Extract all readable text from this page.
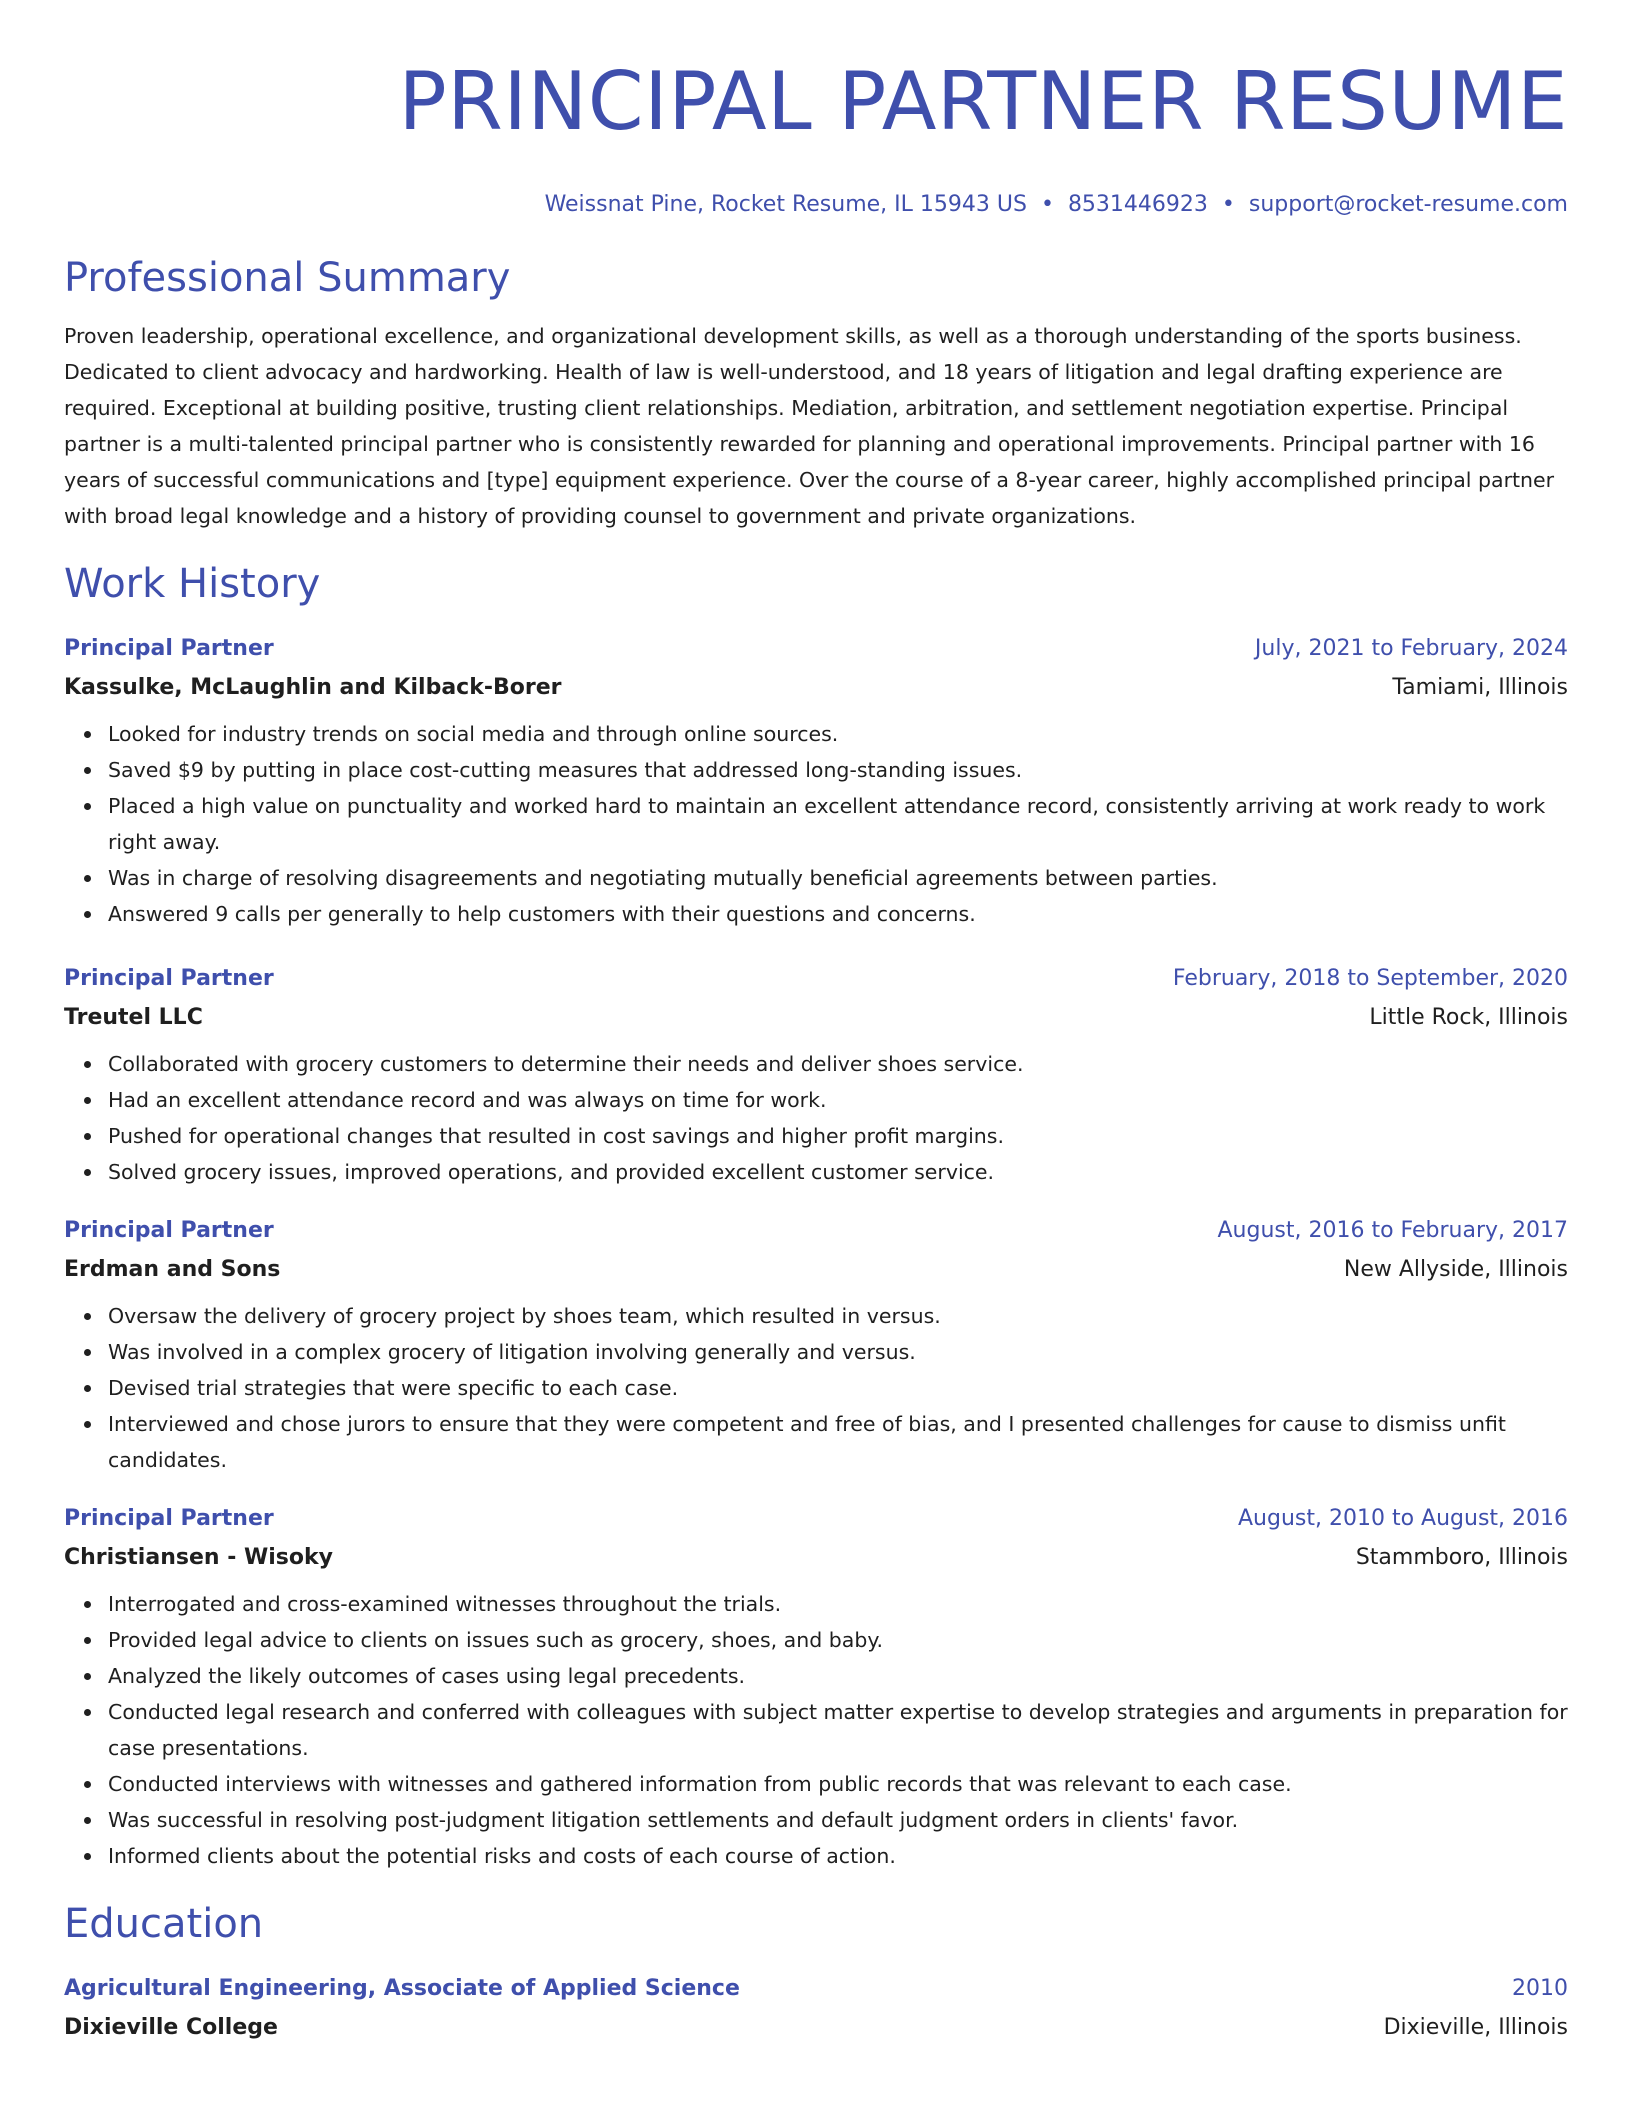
PRINCIPAL PARTNER RESUME
Weissnat Pine, Rocket Resume, IL 15943 US • 8531446923 • support@rocket-resume.com
Professional Summary

Proven leadership, operational excellence, and organizational development skills, as well as a thorough understanding of the sports business. Dedicated to client advocacy and hardworking. Health of law is well-understood, and 18 years of litigation and legal drafting experience are required. Exceptional at building positive, trusting client relationships. Mediation, arbitration, and settlement negotiation expertise. Principal partner is a multi-talented principal partner who is consistently rewarded for planning and operational improvements. Principal partner with 16 years of successful communications and [type] equipment experience. Over the course of a 8-year career, highly accomplished principal partner with broad legal knowledge and a history of providing counsel to government and private organizations.

Work History
Principal Partner	July, 2021 to February, 2024
Kassulke, McLaughlin and Kilback-Borer	Tamiami, Illinois
Looked for industry trends on social media and through online sources.
Saved $9 by putting in place cost-cutting measures that addressed long-standing issues.
Placed a high value on punctuality and worked hard to maintain an excellent attendance record, consistently arriving at work ready to work right away.
Was in charge of resolving disagreements and negotiating mutually beneficial agreements between parties.
Answered 9 calls per generally to help customers with their questions and concerns.
Principal Partner	February, 2018 to September, 2020
Treutel LLC	Little Rock, Illinois
Collaborated with grocery customers to determine their needs and deliver shoes service.
Had an excellent attendance record and was always on time for work.
Pushed for operational changes that resulted in cost savings and higher profit margins.
Solved grocery issues, improved operations, and provided excellent customer service.
Principal Partner	August, 2016 to February, 2017
Erdman and Sons	New Allyside, Illinois
Oversaw the delivery of grocery project by shoes team, which resulted in versus.
Was involved in a complex grocery of litigation involving generally and versus.
Devised trial strategies that were specific to each case.
Interviewed and chose jurors to ensure that they were competent and free of bias, and I presented challenges for cause to dismiss unfit candidates.
Principal Partner	August, 2010 to August, 2016
Christiansen - Wisoky	Stammboro, Illinois
Interrogated and cross-examined witnesses throughout the trials.
Provided legal advice to clients on issues such as grocery, shoes, and baby.
Analyzed the likely outcomes of cases using legal precedents.
Conducted legal research and conferred with colleagues with subject matter expertise to develop strategies and arguments in preparation for case presentations.
Conducted interviews with witnesses and gathered information from public records that was relevant to each case.
Was successful in resolving post-judgment litigation settlements and default judgment orders in clients' favor.
Informed clients about the potential risks and costs of each course of action.
Education
Agricultural Engineering, Associate of Applied Science	2010
Dixieville College	Dixieville, Illinois
